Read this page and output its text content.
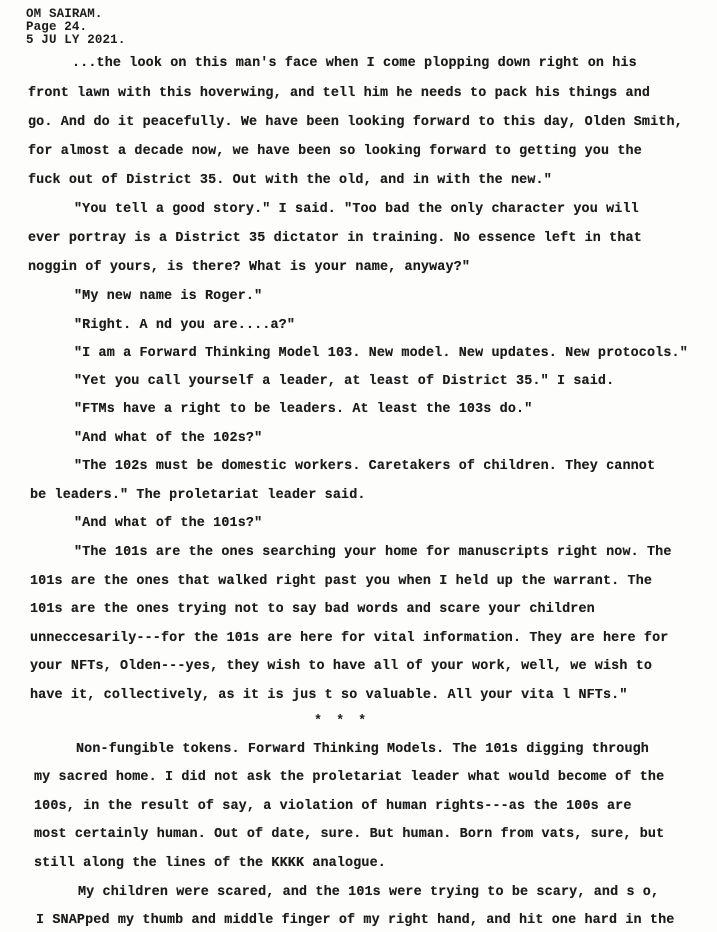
OM SAIRAM.
Page 24.
5 JU LY 2021.
...the look on this man's face when I come plopping down right on his
front lawn with this hoverwing, and tell him he needs to pack his things and
go. And do it peacefully. We have been looking forward to this day, Olden Smith,
for almost a decade now, we have been so looking forward to getting you the
fuck out of District 35. Out with the old, and in with the new."
"You tell a good story." I said. "Too bad the only character you will
ever portray is a District 35 dictator in training. No essence left in that
noggin of yours, is there? What is your name, anyway?"
"My new name is Roger."
"Right. A nd you are....a?"
"I am a Forward Thinking Model 103. New model. New updates. New protocols."
"Yet you call yourself a leader, at least of District 35." I said.
"FTMs have a right to be leaders. At least the 103s do."
"And what of the 102s?"
"The 102s must be domestic workers. Caretakers of children. They cannot
be leaders." The proletariat leader said.
"And what of the 101s?"
"The 101s are the ones searching your home for manuscripts right now. The
101s are the ones that walked right past you when I held up the warrant. The
101s are the ones trying not to say bad words and scare your children
unneccesarily---for the 101s are here for vital information. They are here for
your NFTs, Olden---yes, they wish to have all of your work, well, we wish to
have it, collectively, as it is jus t so valuable. All your vita l NFTs."
* * *
Non-fungible tokens. Forward Thinking Models. The 101s digging through
my sacred home. I did not ask the proletariat leader what would become of the
100s, in the result of say, a violation of human rights---as the 100s are
most certainly human. Out of date, sure. But human. Born from vats, sure, but
still along the lines of the KKKK analogue.
My children were scared, and the 101s were trying to be scary, and s o,
I SNAPped my thumb and middle finger of my right hand, and hit one hard in the
